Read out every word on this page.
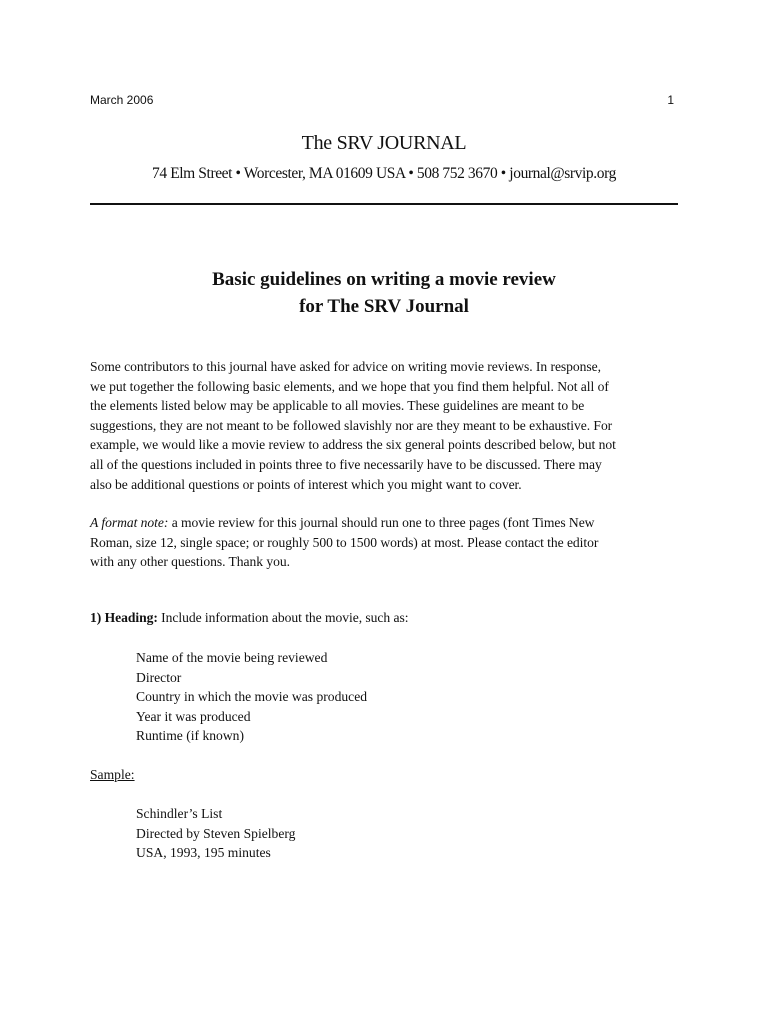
March 2006	1
The SRV JOURNAL
74 Elm Street • Worcester, MA 01609 USA • 508 752 3670 • journal@srvip.org
Basic guidelines on writing a movie review
for The SRV Journal
Some contributors to this journal have asked for advice on writing movie reviews. In response,
we put together the following basic elements, and we hope that you find them helpful. Not all of
the elements listed below may be applicable to all movies. These guidelines are meant to be
suggestions, they are not meant to be followed slavishly nor are they meant to be exhaustive. For
example, we would like a movie review to address the six general points described below, but not
all of the questions included in points three to five necessarily have to be discussed. There may
also be additional questions or points of interest which you might want to cover.
A format note: a movie review for this journal should run one to three pages (font Times New
Roman, size 12, single space; or roughly 500 to 1500 words) at most. Please contact the editor
with any other questions. Thank you.
1) Heading: Include information about the movie, such as:
Name of the movie being reviewed
Director
Country in which the movie was produced
Year it was produced
Runtime (if known)
Sample:
Schindler’s List
Directed by Steven Spielberg
USA, 1993, 195 minutes
